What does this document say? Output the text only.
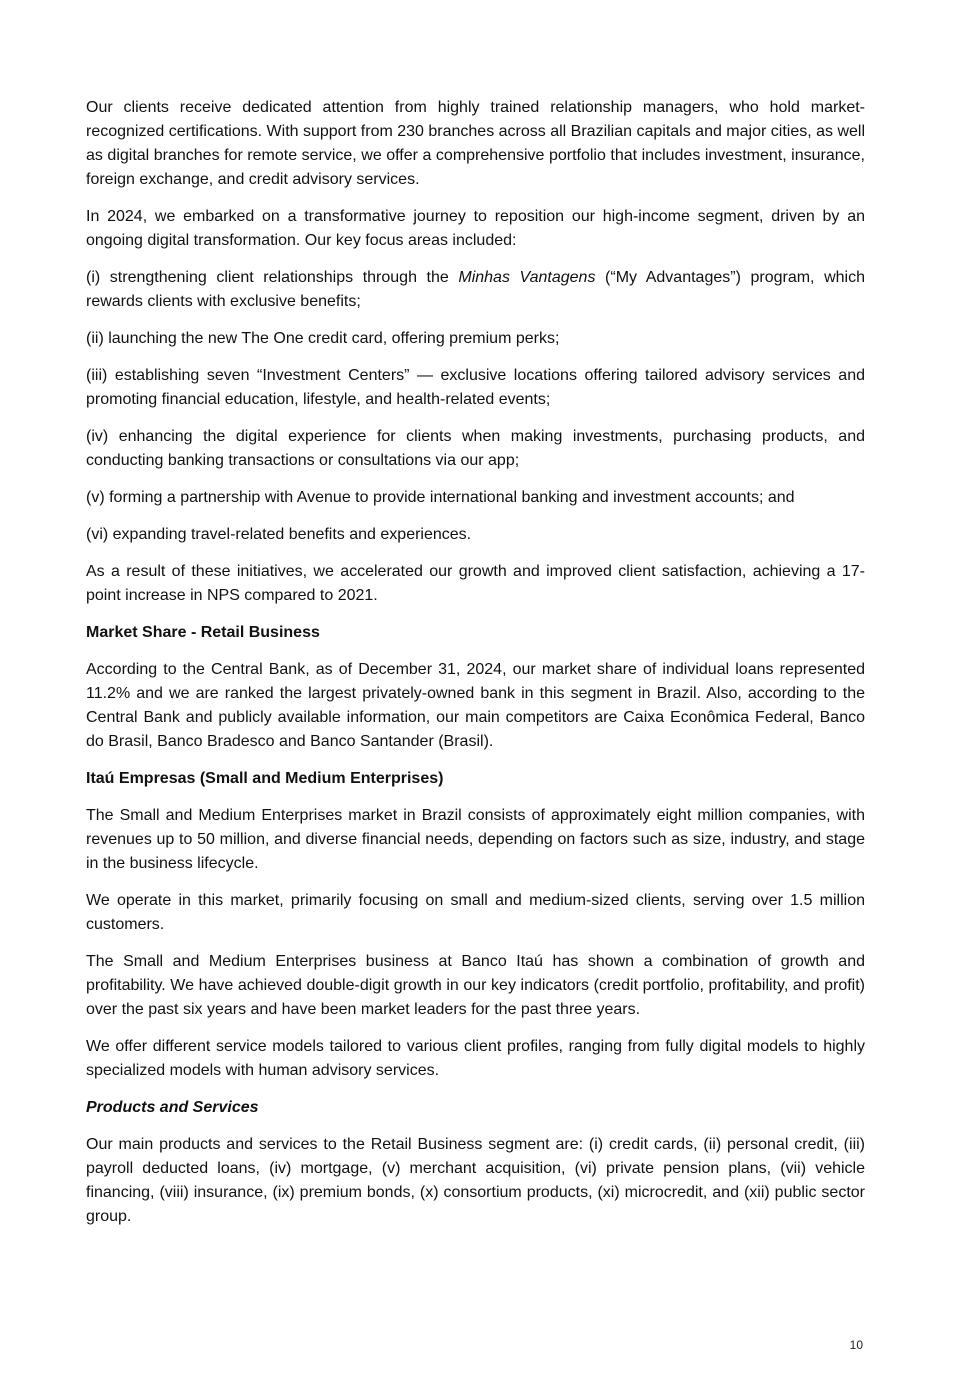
Our clients receive dedicated attention from highly trained relationship managers, who hold market-recognized certifications. With support from 230 branches across all Brazilian capitals and major cities, as well as digital branches for remote service, we offer a comprehensive portfolio that includes investment, insurance, foreign exchange, and credit advisory services.

In 2024, we embarked on a transformative journey to reposition our high-income segment, driven by an ongoing digital transformation. Our key focus areas included:

(i) strengthening client relationships through the Minhas Vantagens (“My Advantages”) program, which rewards clients with exclusive benefits;

(ii) launching the new The One credit card, offering premium perks;

(iii) establishing seven “Investment Centers” — exclusive locations offering tailored advisory services and promoting financial education, lifestyle, and health-related events;

(iv) enhancing the digital experience for clients when making investments, purchasing products, and conducting banking transactions or consultations via our app;

(v) forming a partnership with Avenue to provide international banking and investment accounts; and

(vi) expanding travel-related benefits and experiences.

As a result of these initiatives, we accelerated our growth and improved client satisfaction, achieving a 17-point increase in NPS compared to 2021.

Market Share - Retail Business

According to the Central Bank, as of December 31, 2024, our market share of individual loans represented 11.2% and we are ranked the largest privately-owned bank in this segment in Brazil. Also, according to the Central Bank and publicly available information, our main competitors are Caixa Econômica Federal, Banco do Brasil, Banco Bradesco and Banco Santander (Brasil).

Itaú Empresas (Small and Medium Enterprises)

The Small and Medium Enterprises market in Brazil consists of approximately eight million companies, with revenues up to 50 million, and diverse financial needs, depending on factors such as size, industry, and stage in the business lifecycle.

We operate in this market, primarily focusing on small and medium-sized clients, serving over 1.5 million customers.

The Small and Medium Enterprises business at Banco Itaú has shown a combination of growth and profitability. We have achieved double-digit growth in our key indicators (credit portfolio, profitability, and profit) over the past six years and have been market leaders for the past three years.

We offer different service models tailored to various client profiles, ranging from fully digital models to highly specialized models with human advisory services.

Products and Services

Our main products and services to the Retail Business segment are: (i) credit cards, (ii) personal credit, (iii) payroll deducted loans, (iv) mortgage, (v) merchant acquisition, (vi) private pension plans, (vii) vehicle financing, (viii) insurance, (ix) premium bonds, (x) consortium products, (xi) microcredit, and (xii) public sector group.

10
